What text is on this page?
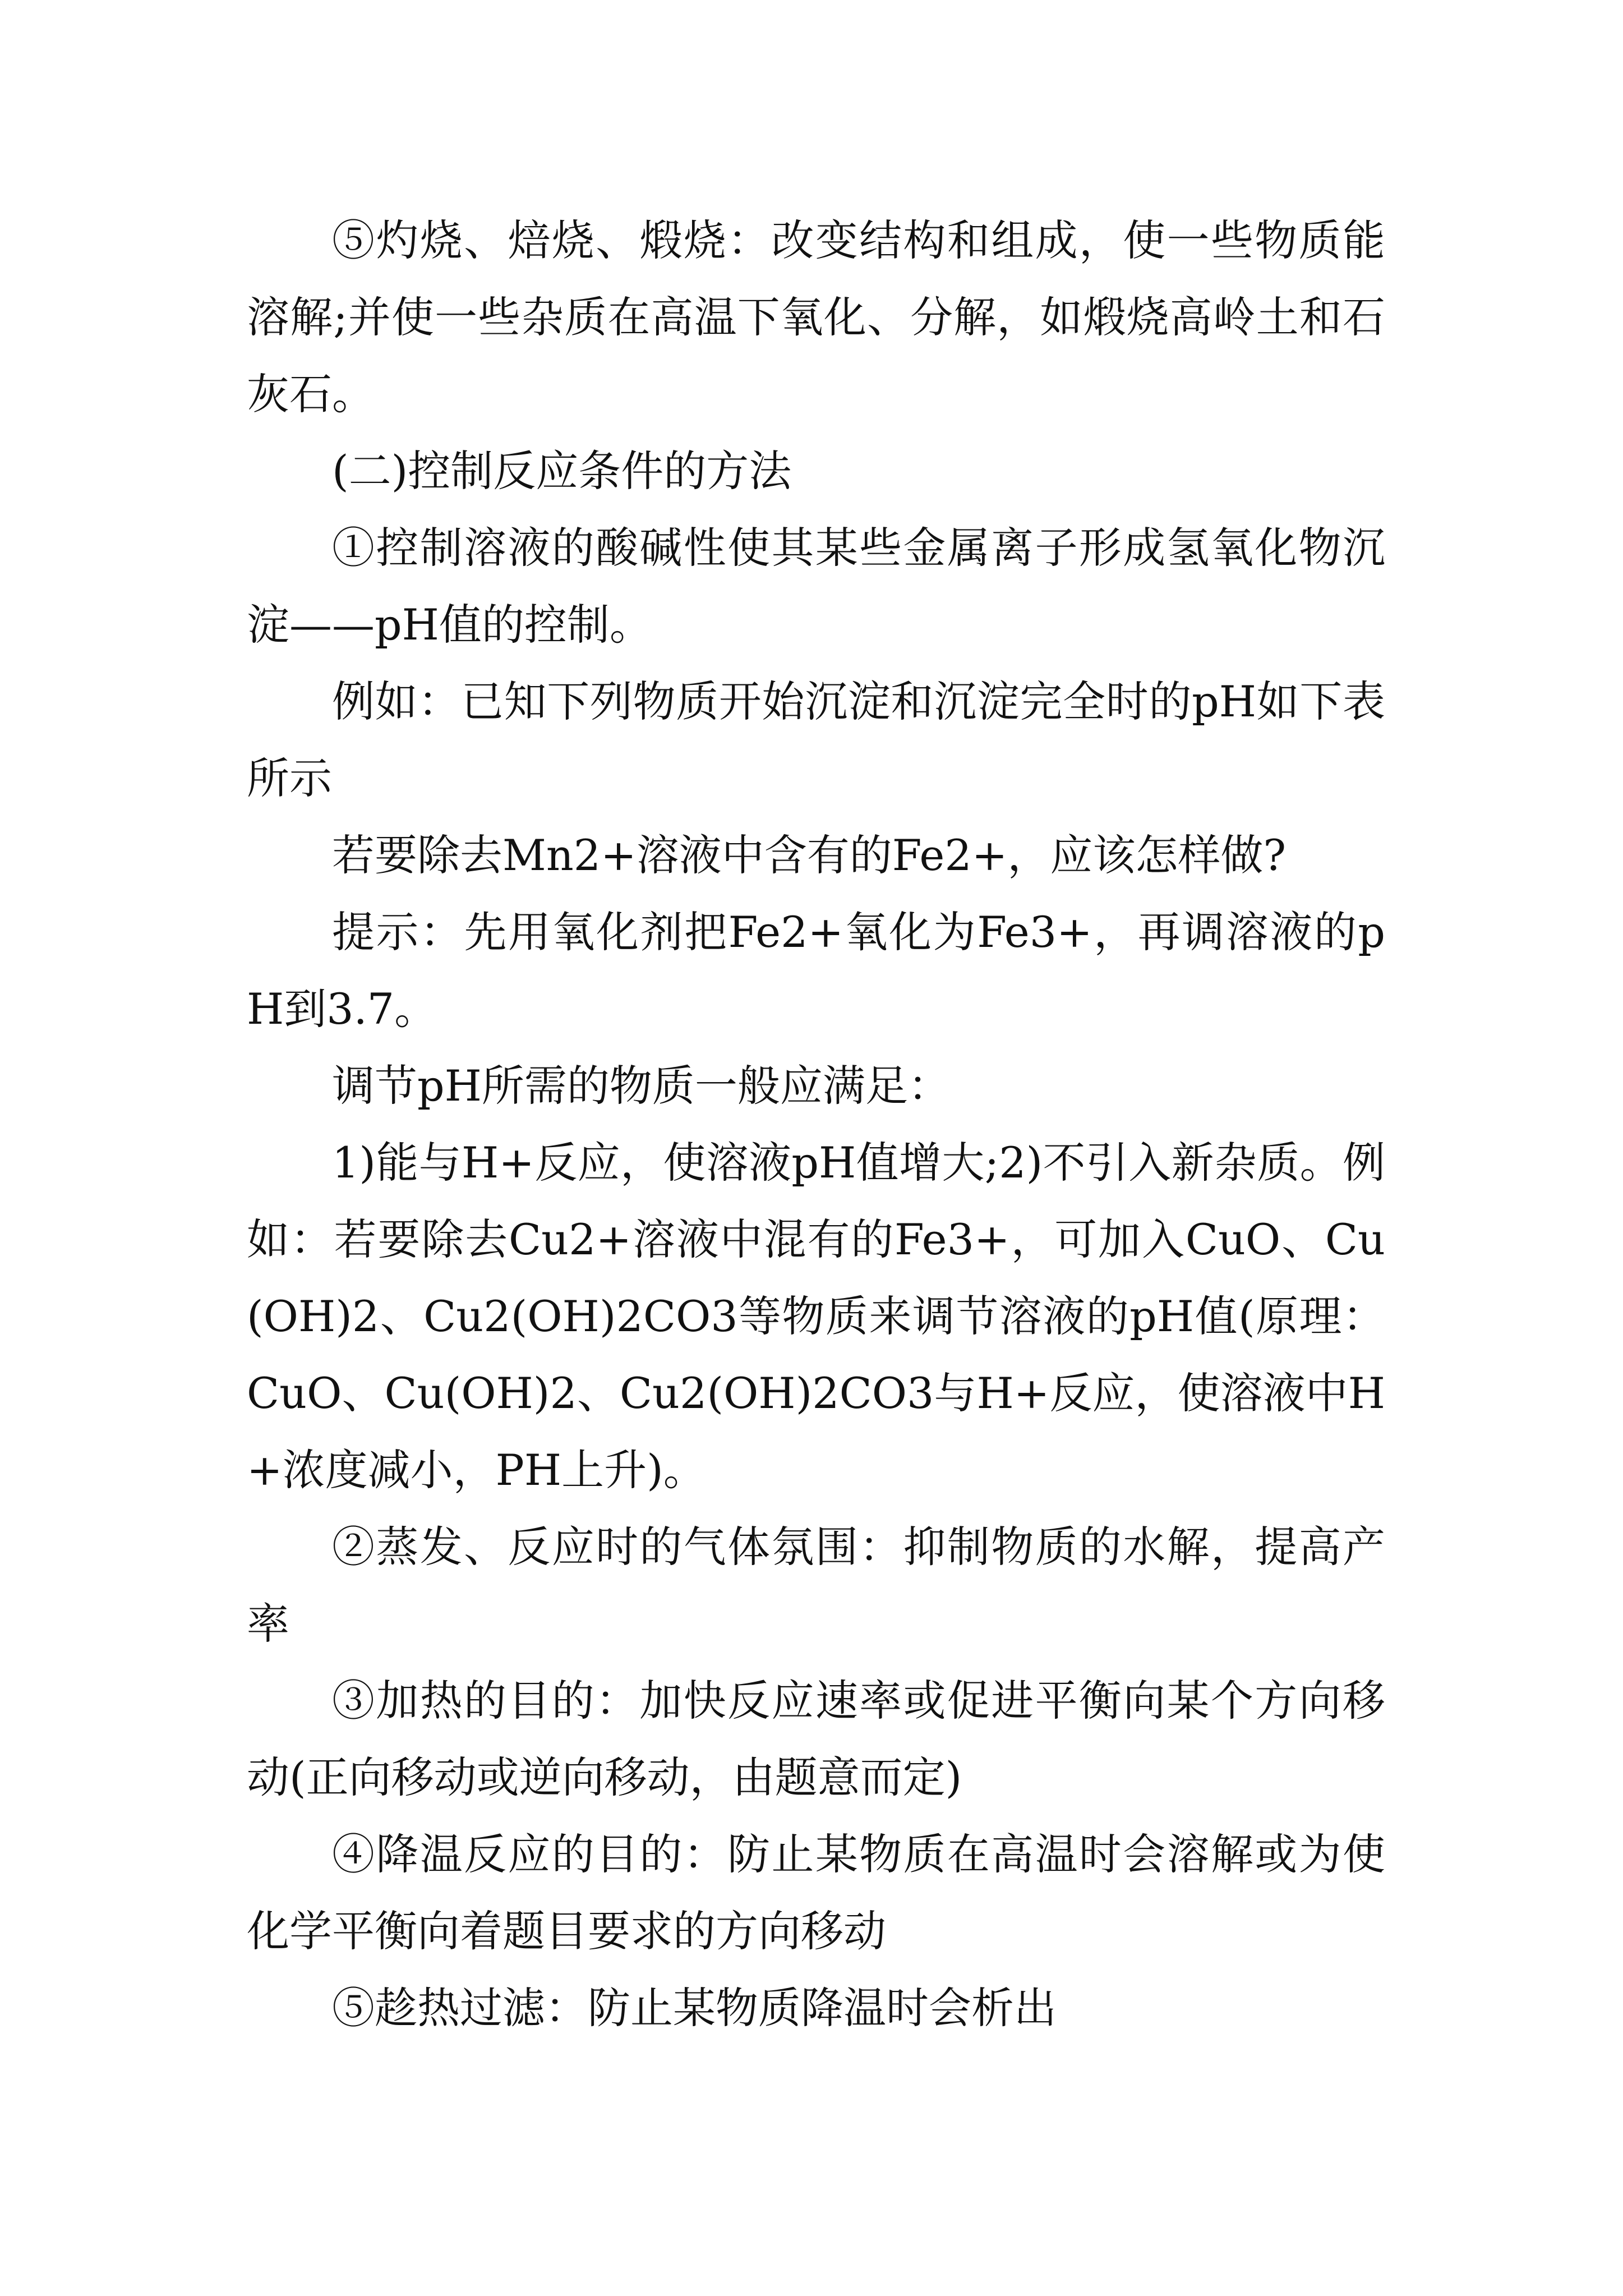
⑤灼烧、焙烧、煅烧：改变结构和组成，使一些物质能溶解;并使一些杂质在高温下氧化、分解，如煅烧高岭土和石灰石。

(二)控制反应条件的方法

①控制溶液的酸碱性使其某些金属离子形成氢氧化物沉淀——pH值的控制。

例如：已知下列物质开始沉淀和沉淀完全时的pH如下表所示

若要除去Mn2+溶液中含有的Fe2+，应该怎样做?

提示：先用氧化剂把Fe2+氧化为Fe3+，再调溶液的pH到3.7。

调节pH所需的物质一般应满足：

1)能与H+反应，使溶液pH值增大;2)不引入新杂质。例如：若要除去Cu2+溶液中混有的Fe3+，可加入CuO、Cu(OH)2、Cu2(OH)2CO3等物质来调节溶液的pH值(原理：CuO、Cu(OH)2、Cu2(OH)2CO3与H+反应，使溶液中H+浓度减小，PH上升)。

②蒸发、反应时的气体氛围：抑制物质的水解，提高产率

③加热的目的：加快反应速率或促进平衡向某个方向移动(正向移动或逆向移动，由题意而定)

④降温反应的目的：防止某物质在高温时会溶解或为使化学平衡向着题目要求的方向移动

⑤趁热过滤：防止某物质降温时会析出
